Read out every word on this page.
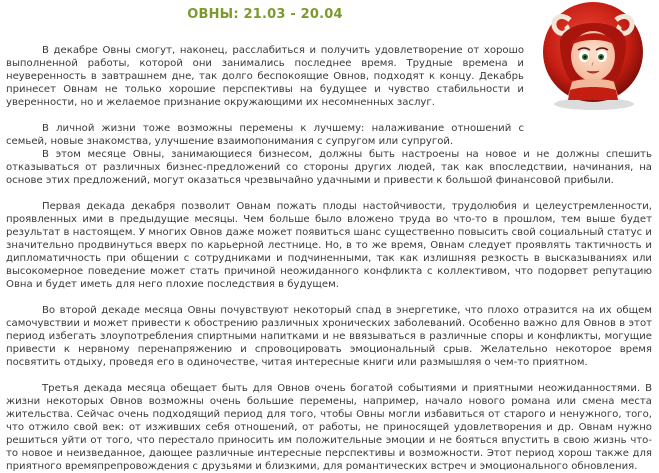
ОВНЫ: 21.03 - 20.04

В декабре Овны смогут, наконец, расслабиться и получить удовлетворение от хорошо выполненной работы, которой они занимались последнее время. Трудные времена и неуверенность в завтрашнем дне, так долго беспокоящие Овнов, подходят к концу. Декабрь принесет Овнам не только хорошие перспективы на будущее и чувство стабильности и уверенности, но и желаемое признание окружающими их несомненных заслуг.

В личной жизни тоже возможны перемены к лучшему: налаживание отношений с семьей, новые знакомства, улучшение взаимопонимания с супругом или супругой.

В этом месяце Овны, занимающиеся бизнесом, должны быть настроены на новое и не должны спешить отказываться от различных бизнес-предложений со стороны других людей, так как впоследствии, начинания, на основе этих предложений, могут оказаться чрезвычайно удачными и привести к большой финансовой прибыли.

Первая декада декабря позволит Овнам пожать плоды настойчивости, трудолюбия и целеустремленности, проявленных ими в предыдущие месяцы. Чем больше было вложено труда во что-то в прошлом, тем выше будет результат в настоящем. У многих Овнов даже может появиться шанс существенно повысить свой социальный статус и значительно продвинуться вверх по карьерной лестнице. Но, в то же время, Овнам следует проявлять тактичность и дипломатичность при общении с сотрудниками и подчиненными, так как излишняя резкость в высказываниях или высокомерное поведение может стать причиной неожиданного конфликта с коллективом, что подорвет репутацию Овна и будет иметь для него плохие последствия в будущем.

Во второй декаде месяца Овны почувствуют некоторый спад в энергетике, что плохо отразится на их общем самочувствии и может привести к обострению различных хронических заболеваний. Особенно важно для Овнов в этот период избегать злоупотребления спиртными напитками и не ввязываться в различные споры и конфликты, могущие привести к нервному перенапряжению и спровоцировать эмоциональный срыв. Желательно некоторое время посвятить отдыху, проведя его в одиночестве, читая интересные книги или размышляя о чем-то приятном.

Третья декада месяца обещает быть для Овнов очень богатой событиями и приятными неожиданностями. В жизни некоторых Овнов возможны очень большие перемены, например, начало нового романа или смена места жительства. Сейчас очень подходящий период для того, чтобы Овны могли избавиться от старого и ненужного, того, что отжило свой век: от изживших себя отношений, от работы, не приносящей удовлетворения и др. Овнам нужно решиться уйти от того, что перестало приносить им положительные эмоции и не бояться впустить в свою жизнь что-то новое и неизведанное, дающее различные интересные перспективы и возможности. Этот период хорош также для приятного времяпрепровождения с друзьями и близкими, для романтических встреч и эмоционального обновления.
